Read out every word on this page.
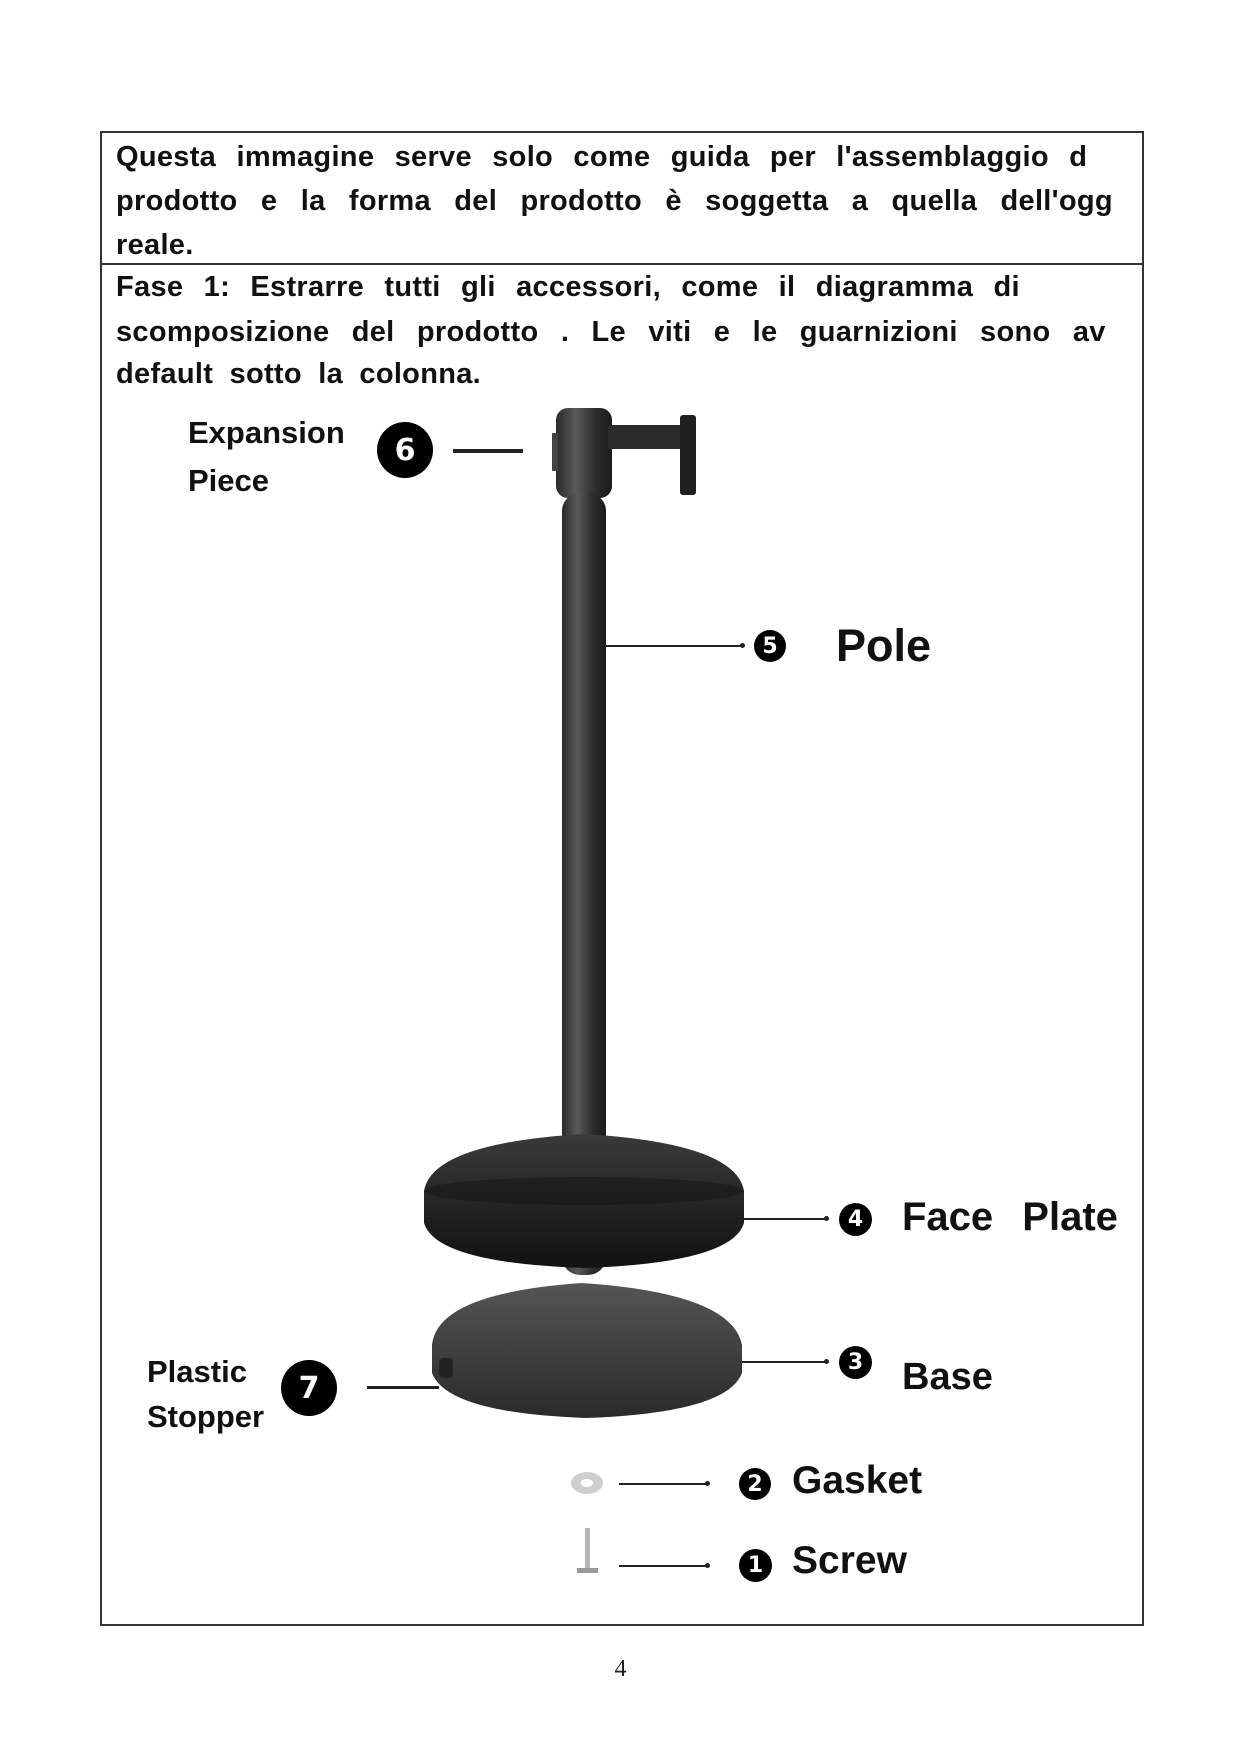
Questa immagine serve solo come guida per l'assemblaggio d
prodotto e la forma del prodotto è soggetta a quella dell'ogg
reale.
Fase 1: Estrarre tutti gli accessori, come il diagramma di
scomposizione del prodotto . Le viti e le guarnizioni sono av
default sotto la colonna.
Expansion
Piece
6
5 Pole
4 Face Plate
3 Base
Plastic
Stopper
7
2 Gasket
1 Screw
4
